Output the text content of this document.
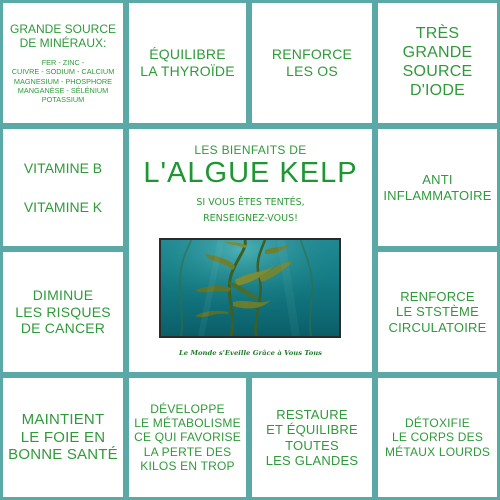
GRANDE SOURCE
DE MINÉRAUX:
FER - ZINC -
CUIVRE - SODIUM - CALCIUM
MAGNESIUM - PHOSPHORE
MANGANÈSE - SÉLÉNIUM
POTASSIUM
ÉQUILIBRE
LA THYROÏDE
RENFORCE
LES OS
TRÈS
GRANDE
SOURCE
D'IODE
VITAMINE B
VITAMINE K
ANTI
INFLAMMATOIRE
DIMINUE
LES RISQUES
DE CANCER
RENFORCE
LE STSTÈME
CIRCULATOIRE
MAINTIENT
LE FOIE EN
BONNE SANTÉ
DÉVELOPPE
LE MÉTABOLISME
CE QUI FAVORISE
LA PERTE DES
KILOS EN TROP
RESTAURE
ET ÉQUILIBRE
TOUTES
LES GLANDES
DÉTOXIFIE
LE CORPS DES
MÉTAUX LOURDS
LES BIENFAITS DE
L'ALGUE KELP
SI VOUS ÊTES TENTÉS,
RENSEIGNEZ-VOUS!
Le Monde s'Eveille Grâce à Vous Tous
